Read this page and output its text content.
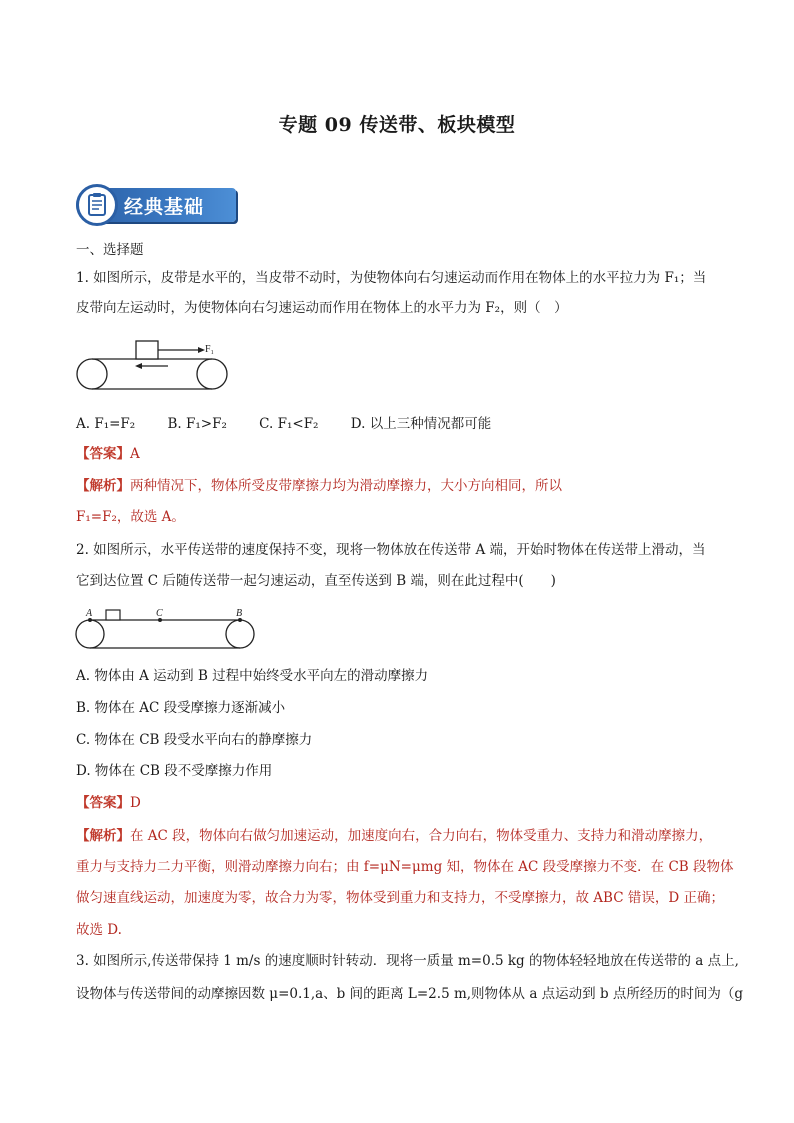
专题 09 传送带、板块模型
经典基础
一、选择题
1. 如图所示，皮带是水平的，当皮带不动时，为使物体向右匀速运动而作用在物体上的水平拉力为 F₁；当
皮带向左运动时，为使物体向右匀速运动而作用在物体上的水平力为 F₂，则（　）
F₁
A. F₁=F₂ B. F₁>F₂ C. F₁<F₂ D. 以上三种情况都可能
【答案】A
【解析】两种情况下，物体所受皮带摩擦力均为滑动摩擦力，大小方向相同，所以
F₁=F₂，故选 A。
2. 如图所示，水平传送带的速度保持不变，现将一物体放在传送带 A 端，开始时物体在传送带上滑动，当
它到达位置 C 后随传送带一起匀速运动，直至传送到 B 端，则在此过程中(　　)
A	C	B
A. 物体由 A 运动到 B 过程中始终受水平向左的滑动摩擦力
B. 物体在 AC 段受摩擦力逐渐减小
C. 物体在 CB 段受水平向右的静摩擦力
D. 物体在 CB 段不受摩擦力作用
【答案】D
【解析】在 AC 段，物体向右做匀加速运动，加速度向右，合力向右，物体受重力、支持力和滑动摩擦力，
重力与支持力二力平衡，则滑动摩擦力向右；由 f=μN=μmg 知，物体在 AC 段受摩擦力不变．在 CB 段物体
做匀速直线运动，加速度为零，故合力为零，物体受到重力和支持力，不受摩擦力，故 ABC 错误，D 正确；
故选 D.
3. 如图所示,传送带保持 1 m/s 的速度顺时针转动．现将一质量 m=0.5 kg 的物体轻轻地放在传送带的 a 点上,
设物体与传送带间的动摩擦因数 μ=0.1,a、b 间的距离 L=2.5 m,则物体从 a 点运动到 b 点所经历的时间为（g
